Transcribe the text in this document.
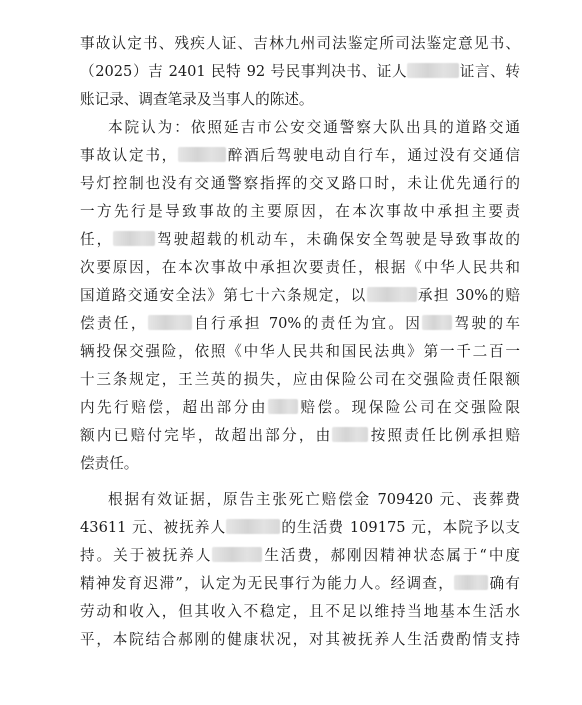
事故认定书、残疾人证、吉林九州司法鉴定所司法鉴定意见书、
（2025）吉 2401 民特 92 号民事判决书、证人	证言、转
账记录、调查笔录及当事人的陈述。
本院认为：依照延吉市公安交通警察大队出具的道路交通
事故认定书，	醉酒后驾驶电动自行车，通过没有交通信
号灯控制也没有交通警察指挥的交叉路口时，未让优先通行的
一方先行是导致事故的主要原因，在本次事故中承担主要责
任，	驾驶超载的机动车，未确保安全驾驶是导致事故的
次要原因，在本次事故中承担次要责任，根据《中华人民共和
国道路交通安全法》第七十六条规定，以	承担 30%的赔
偿责任，	自行承担 70%的责任为宜。因 驾驶的车
辆投保交强险，依照《中华人民共和国民法典》第一千二百一
十三条规定，王兰英的损失，应由保险公司在交强险责任限额
内先行赔偿，超出部分由 赔偿。现保险公司在交强险限
额内已赔付完毕，故超出部分，由 按照责任比例承担赔
偿责任。
根据有效证据，原告主张死亡赔偿金 709420 元、丧葬费
43611 元、被抚养人	的生活费 109175 元，本院予以支
持。关于被抚养人	生活费，郝刚因精神状态属于“中度
精神发育迟滞”，认定为无民事行为能力人。经调查， 确有
劳动和收入，但其收入不稳定，且不足以维持当地基本生活水
平，本院结合郝刚的健康状况，对其被抚养人生活费酌情支持
